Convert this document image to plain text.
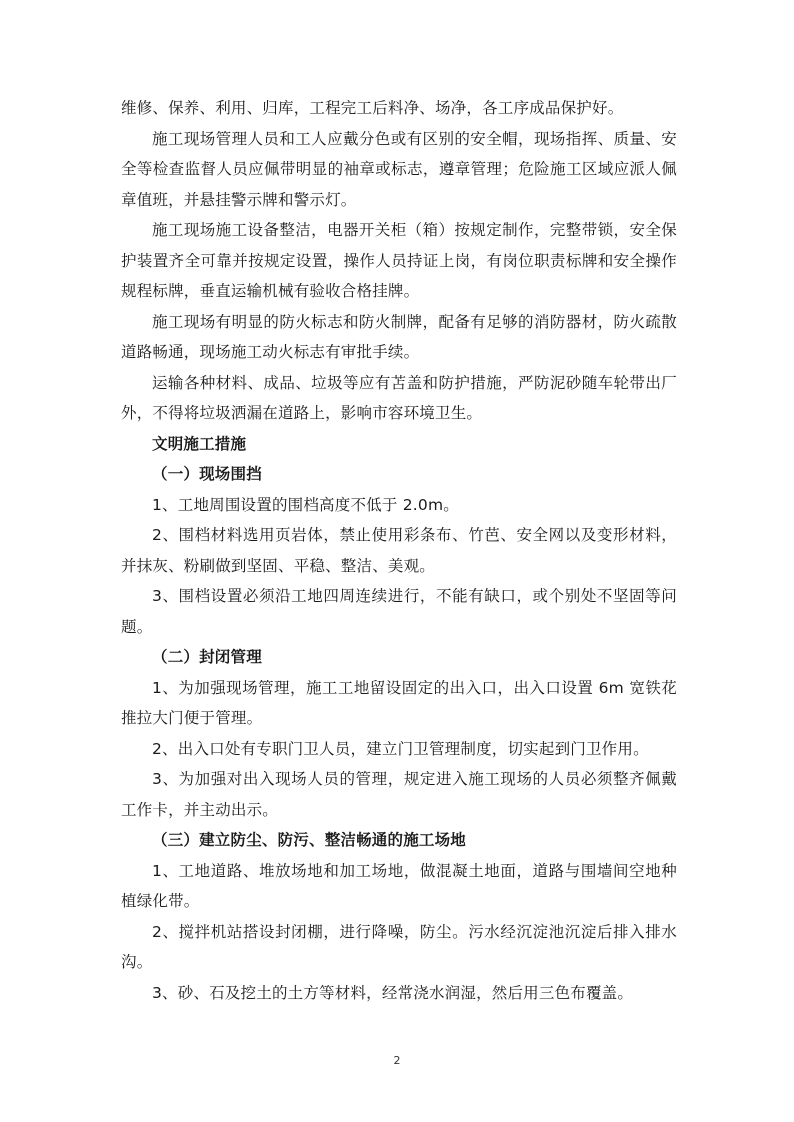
维修、保养、利用、归库，工程完工后料净、场净，各工序成品保护好。

施工现场管理人员和工人应戴分色或有区别的安全帽，现场指挥、质量、安全等检查监督人员应佩带明显的袖章或标志，遵章管理；危险施工区域应派人佩章值班，并悬挂警示牌和警示灯。

施工现场施工设备整洁，电器开关柜（箱）按规定制作，完整带锁，安全保护装置齐全可靠并按规定设置，操作人员持证上岗，有岗位职责标牌和安全操作规程标牌，垂直运输机械有验收合格挂牌。

施工现场有明显的防火标志和防火制牌，配备有足够的消防器材，防火疏散道路畅通，现场施工动火标志有审批手续。

运输各种材料、成品、垃圾等应有苫盖和防护措施，严防泥砂随车轮带出厂外，不得将垃圾洒漏在道路上，影响市容环境卫生。

文明施工措施

（一）现场围挡

1、工地周围设置的围档高度不低于 2.0m。

2、围档材料选用页岩体，禁止使用彩条布、竹芭、安全网以及变形材料，并抹灰、粉刷做到坚固、平稳、整洁、美观。

3、围档设置必须沿工地四周连续进行，不能有缺口，或个别处不坚固等问题。

（二）封闭管理

1、为加强现场管理，施工工地留设固定的出入口，出入口设置 6m 宽铁花推拉大门便于管理。

2、出入口处有专职门卫人员，建立门卫管理制度，切实起到门卫作用。

3、为加强对出入现场人员的管理，规定进入施工现场的人员必须整齐佩戴工作卡，并主动出示。

（三）建立防尘、防污、整洁畅通的施工场地

1、工地道路、堆放场地和加工场地，做混凝土地面，道路与围墙间空地种植绿化带。

2、搅拌机站搭设封闭棚，进行降噪，防尘。污水经沉淀池沉淀后排入排水沟。

3、砂、石及挖土的土方等材料，经常浇水润湿，然后用三色布覆盖。

2
